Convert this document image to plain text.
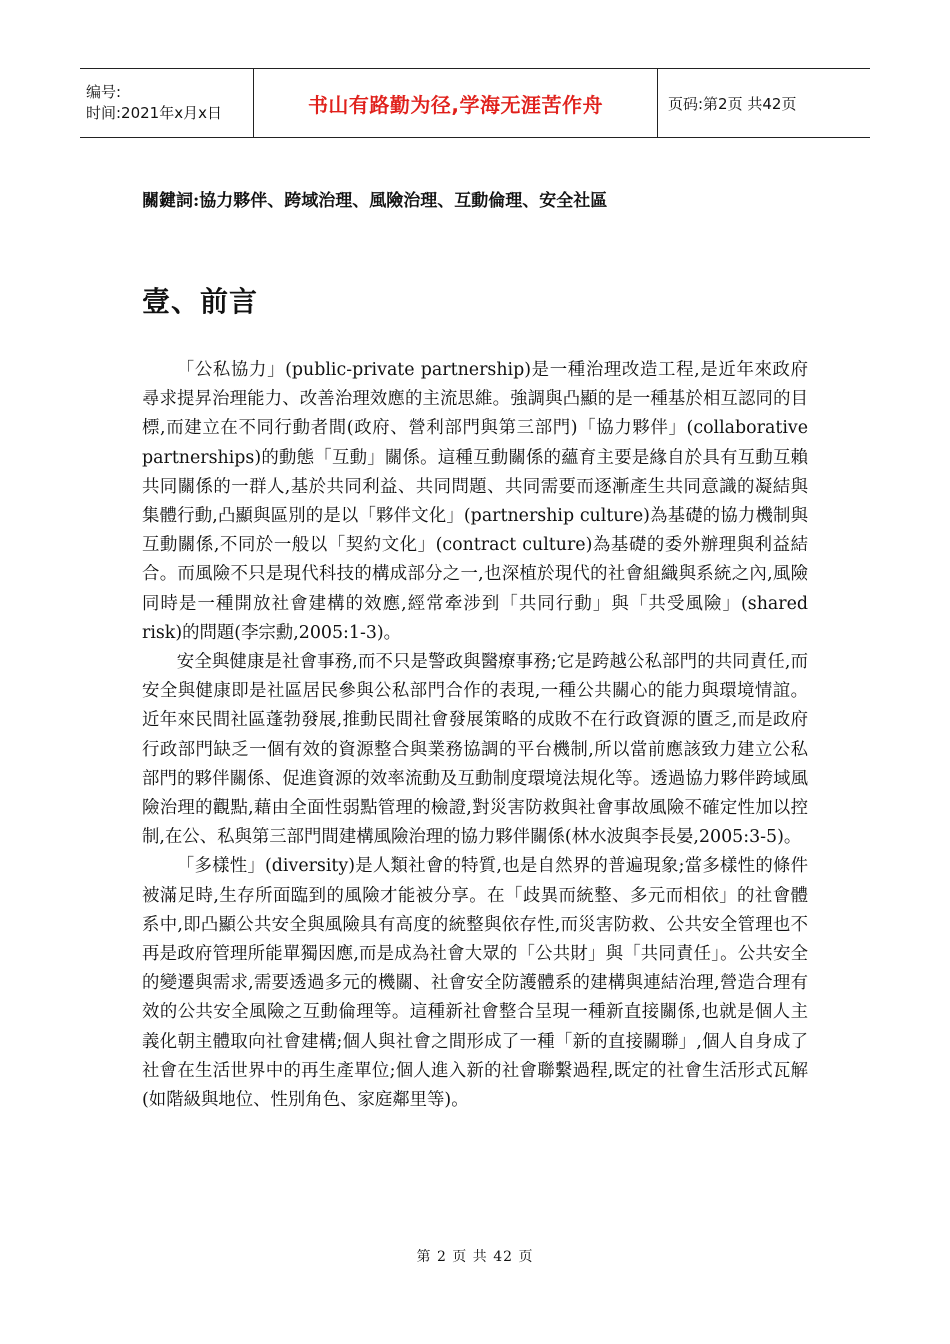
编号:
时间:2021年x月x日	书山有路勤为径,学海无涯苦作舟	页码:第2页 共42页
關鍵詞:協力夥伴、跨域治理、風險治理、互動倫理、安全社區
壹、前言

「公私協力」(public-private partnership)是一種治理改造工程,是近年來政府尋求提昇治理能力、改善治理效應的主流思維。強調與凸顯的是一種基於相互認同的目標,而建立在不同行動者間(政府、營利部門與第三部門)「協力夥伴」(collaborative partnerships)的動態「互動」關係。這種互動關係的蘊育主要是緣自於具有互動互賴共同關係的一群人,基於共同利益、共同問題、共同需要而逐漸產生共同意識的凝結與集體行動,凸顯與區別的是以「夥伴文化」(partnership culture)為基礎的協力機制與互動關係,不同於一般以「契約文化」(contract culture)為基礎的委外辦理與利益結合。而風險不只是現代科技的構成部分之一,也深植於現代的社會組織與系統之內,風險同時是一種開放社會建構的效應,經常牽涉到「共同行動」與「共受風險」(shared risk)的問題(李宗勳,2005:1-3)。

安全與健康是社會事務,而不只是警政與醫療事務;它是跨越公私部門的共同責任,而安全與健康即是社區居民參與公私部門合作的表現,一種公共關心的能力與環境情誼。近年來民間社區蓬勃發展,推動民間社會發展策略的成敗不在行政資源的匱乏,而是政府行政部門缺乏一個有效的資源整合與業務協調的平台機制,所以當前應該致力建立公私部門的夥伴關係、促進資源的效率流動及互動制度環境法規化等。透過協力夥伴跨域風險治理的觀點,藉由全面性弱點管理的檢證,對災害防救與社會事故風險不確定性加以控制,在公、私與第三部門間建構風險治理的協力夥伴關係(林水波與李長晏,2005:3-5)。

「多樣性」(diversity)是人類社會的特質,也是自然界的普遍現象;當多樣性的條件被滿足時,生存所面臨到的風險才能被分享。在「歧異而統整、多元而相依」的社會體系中,即凸顯公共安全與風險具有高度的統整與依存性,而災害防救、公共安全管理也不再是政府管理所能單獨因應,而是成為社會大眾的「公共財」與「共同責任」。公共安全的變遷與需求,需要透過多元的機關、社會安全防護體系的建構與連結治理,營造合理有效的公共安全風險之互動倫理等。這種新社會整合呈現一種新直接關係,也就是個人主義化朝主體取向社會建構;個人與社會之間形成了一種「新的直接關聯」,個人自身成了社會在生活世界中的再生產單位;個人進入新的社會聯繫過程,既定的社會生活形式瓦解(如階級與地位、性別角色、家庭鄰里等)。

第 2 页 共 42 页
